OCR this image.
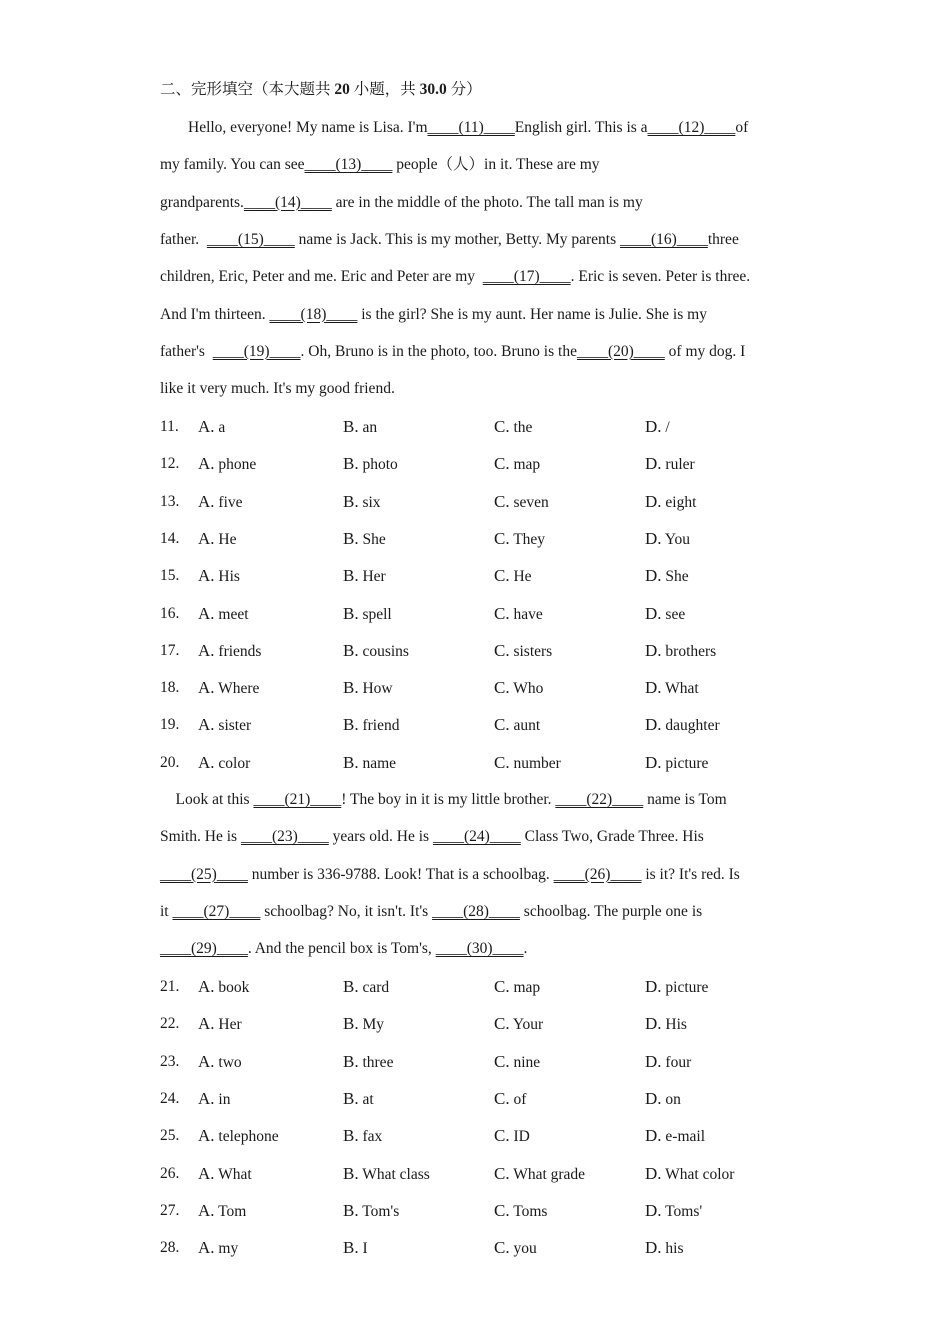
二、完形填空（本大题共 20 小题，共 30.0 分）
Hello, everyone! My name is Lisa. I'm____(11)____English girl. This is a____(12)____of
my family. You can see____(13)____ people（人）in it. These are my
grandparents.____(14)____ are in the middle of the photo. The tall man is my
father.  ____(15)____ name is Jack. This is my mother, Betty. My parents ____(16)____three
children, Eric, Peter and me. Eric and Peter are my  ____(17)____. Eric is seven. Peter is three.
And I'm thirteen. ____(18)____ is the girl? She is my aunt. Her name is Julie. She is my
father's  ____(19)____. Oh, Bruno is in the photo, too. Bruno is the____(20)____ of my dog. I
like it very much. It's my good friend.
11. A. a	B. an	C. the	D. /
12. A. phone	B. photo	C. map	D. ruler
13. A. five	B. six	C. seven	D. eight
14. A. He	B. She	C. They	D. You
15. A. His	B. Her	C. He	D. She
16. A. meet	B. spell	C. have	D. see
17. A. friends	B. cousins	C. sisters	D. brothers
18. A. Where	B. How	C. Who	D. What
19. A. sister	B. friend	C. aunt	D. daughter
20. A. color	B. name	C. number	D. picture
Look at this ____(21)____! The boy in it is my little brother. ____(22)____ name is Tom
Smith. He is ____(23)____ years old. He is ____(24)____ Class Two, Grade Three. His
____(25)____ number is 336-9788. Look! That is a schoolbag. ____(26)____ is it? It's red. Is
it ____(27)____ schoolbag? No, it isn't. It's ____(28)____ schoolbag. The purple one is
____(29)____. And the pencil box is Tom's, ____(30)____.
21. A. book	B. card	C. map	D. picture
22. A. Her	B. My	C. Your	D. His
23. A. two	B. three	C. nine	D. four
24. A. in	B. at	C. of	D. on
25. A. telephone	B. fax	C. ID	D. e-mail
26. A. What	B. What class	C. What grade	D. What color
27. A. Tom	B. Tom's	C. Toms	D. Toms'
28. A. my	B. I	C. you	D. his
